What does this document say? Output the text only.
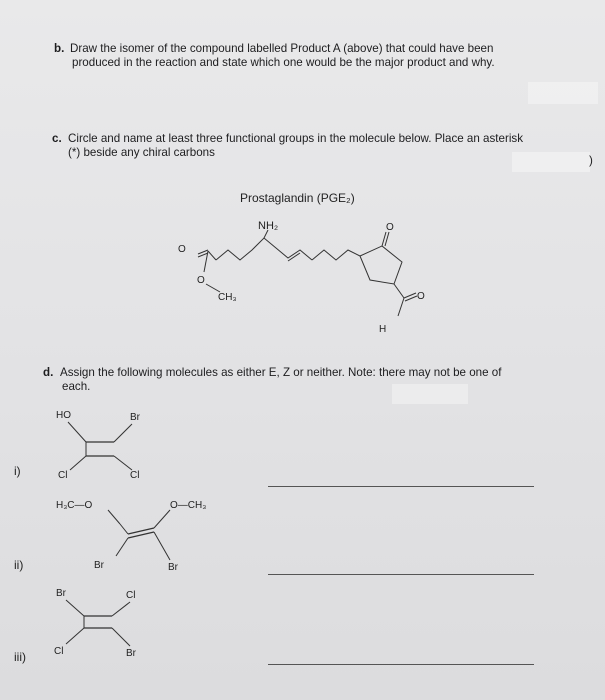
b. Draw the isomer of the compound labelled Product A (above) that could have been
produced in the reaction and state which one would be the major product and why.
c. Circle and name at least three functional groups in the molecule below. Place an asterisk
(*) beside any chiral carbons
)
Prostaglandin (PGE₂)
NH₂
O
O
CH₃
O
O
H
d. Assign the following molecules as either E, Z or neither. Note: there may not be one of
each.
i)
HO	Br
Cl	Cl
ii)
H₃C—O	O—CH₃
Br	Br
iii)
Br	Cl
Cl	Br
